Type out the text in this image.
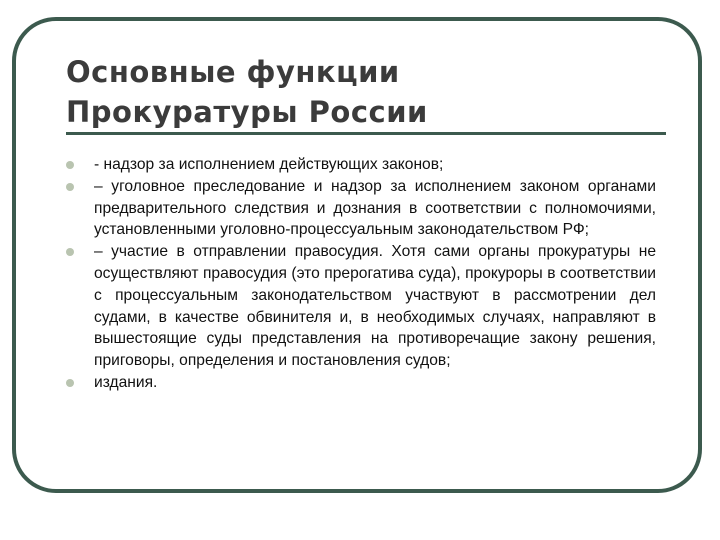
Основные функции
Прокуратуры России
- надзор за исполнением действующих законов;
– уголовное преследование и надзор за исполнением законом органами предварительного следствия и дознания в соответствии с полномочиями, установленными уголовно-процессуальным законодательством РФ;
– участие в отправлении правосудия. Хотя сами органы прокуратуры не осуществляют правосудия (это прерогатива суда), прокуроры в соответствии с процессуальным законодательством участвуют в рассмотрении дел судами, в качестве обвинителя и, в необходимых случаях, направляют в вышестоящие суды представления на противоречащие закону решения, приговоры, определения и постановления судов;
издания.
